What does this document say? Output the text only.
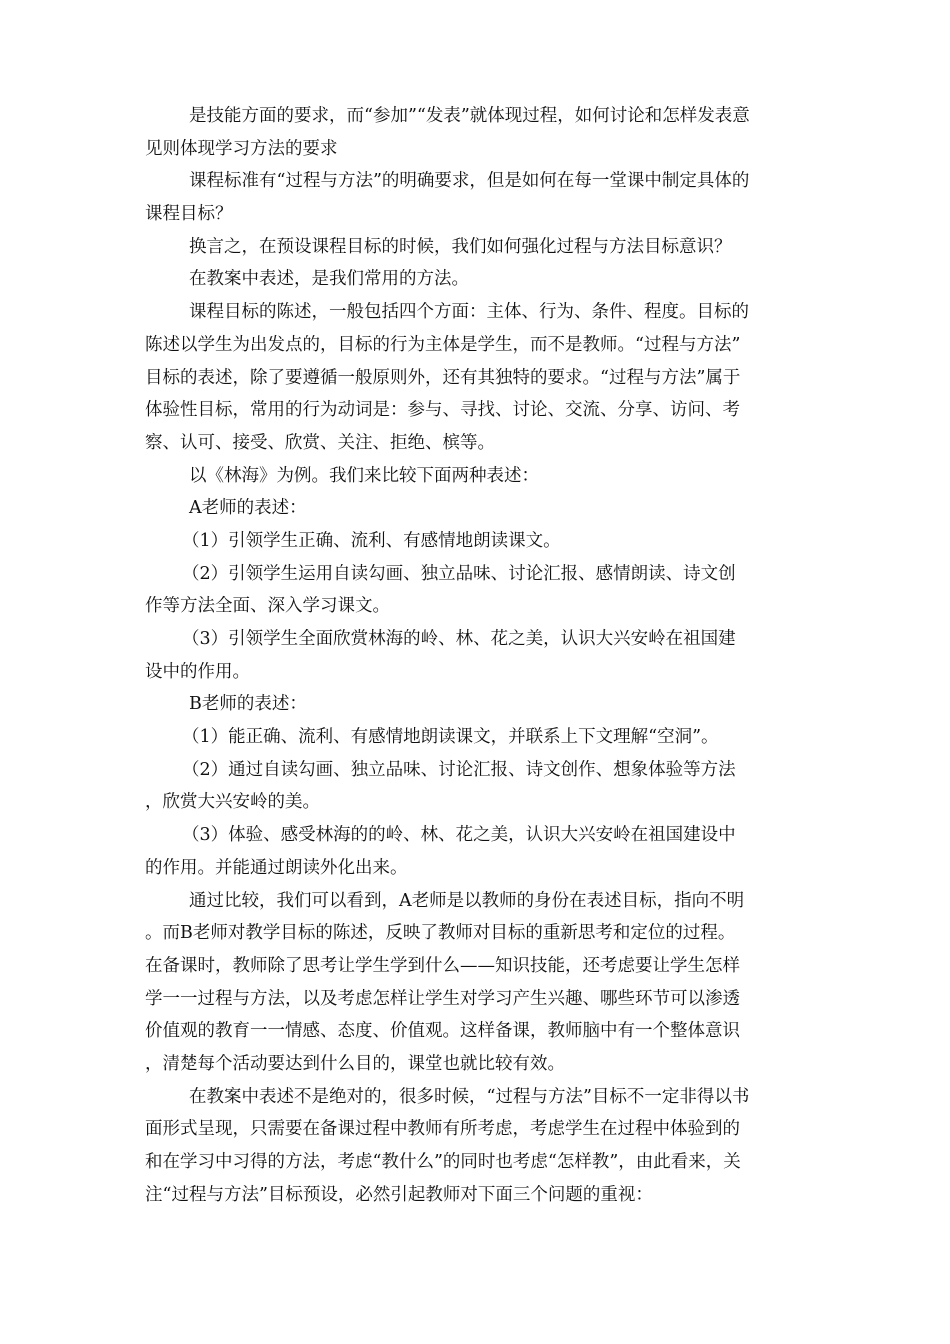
是技能方面的要求，而“参加”“发表”就体现过程，如何讨论和怎样发表意
见则体现学习方法的要求
课程标准有“过程与方法”的明确要求，但是如何在每一堂课中制定具体的
课程目标？
换言之，在预设课程目标的时候，我们如何强化过程与方法目标意识？
在教案中表述，是我们常用的方法。
课程目标的陈述，一般包括四个方面：主体、行为、条件、程度。目标的
陈述以学生为出发点的，目标的行为主体是学生，而不是教师。“过程与方法”
目标的表述，除了要遵循一般原则外，还有其独特的要求。“过程与方法”属于
体验性目标，常用的行为动词是：参与、寻找、讨论、交流、分享、访问、考
察、认可、接受、欣赏、关注、拒绝、槟等。
以《林海》为例。我们来比较下面两种表述：
A老师的表述：
（1）引领学生正确、流利、有感情地朗读课文。
（2）引领学生运用自读勾画、独立品味、讨论汇报、感情朗读、诗文创
作等方法全面、深入学习课文。
（3）引领学生全面欣赏林海的岭、林、花之美，认识大兴安岭在祖国建
设中的作用。
B老师的表述：
（1）能正确、流利、有感情地朗读课文，并联系上下文理解“空洞”。
（2）通过自读勾画、独立品味、讨论汇报、诗文创作、想象体验等方法
，欣赏大兴安岭的美。
（3）体验、感受林海的的岭、林、花之美，认识大兴安岭在祖国建设中
的作用。并能通过朗读外化出来。
通过比较，我们可以看到，A老师是以教师的身份在表述目标，指向不明
。而B老师对教学目标的陈述，反映了教师对目标的重新思考和定位的过程。
在备课时，教师除了思考让学生学到什么——知识技能，还考虑要让学生怎样
学一一过程与方法，以及考虑怎样让学生对学习产生兴趣、哪些环节可以渗透
价值观的教育一一情感、态度、价值观。这样备课，教师脑中有一个整体意识
，清楚每个活动要达到什么目的，课堂也就比较有效。
在教案中表述不是绝对的，很多时候，“过程与方法”目标不一定非得以书
面形式呈现，只需要在备课过程中教师有所考虑，考虑学生在过程中体验到的
和在学习中习得的方法，考虑“教什么”的同时也考虑“怎样教”，由此看来，关
注“过程与方法”目标预设，必然引起教师对下面三个问题的重视：
